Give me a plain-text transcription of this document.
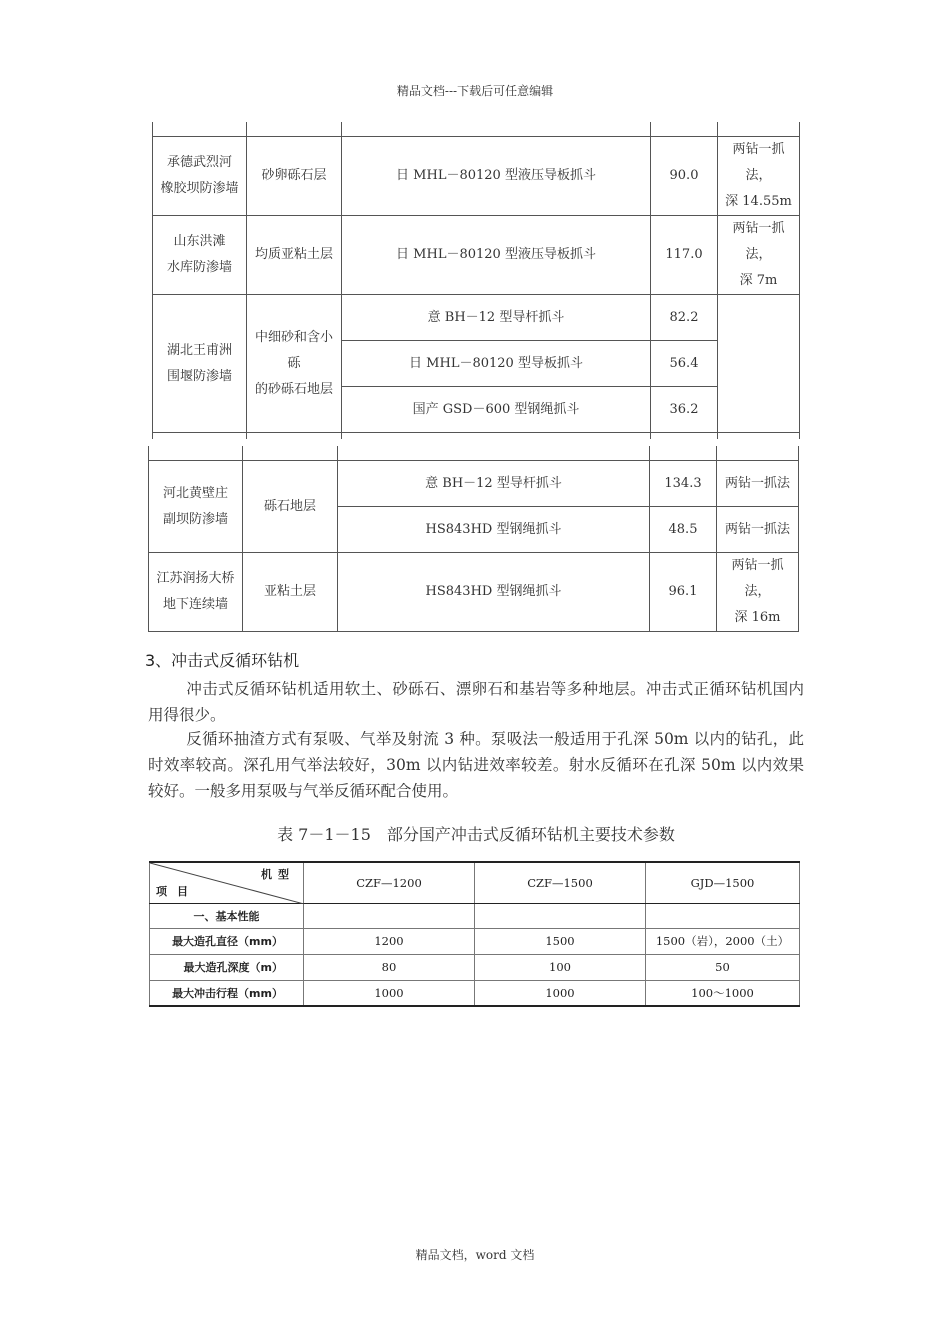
精品文档---下载后可任意编辑

承德武烈河
橡胶坝防渗墙	砂卵砾石层	日 MHL－80120 型液压导板抓斗	90.0	两钻一抓法，
深 14.55m
山东洪滩
水库防渗墙	均质亚粘土层	日 MHL－80120 型液压导板抓斗	117.0	两钻一抓法，
深 7m
湖北王甫洲
围堰防渗墙	中细砂和含小砾
的砂砾石地层	意 BH－12 型导杆抓斗	82.2	
		日 MHL－80120 型导板抓斗	56.4	
		国产 GSD－600 型钢绳抓斗	36.2	

河北黄壁庄
副坝防渗墙	砾石地层	意 BH－12 型导杆抓斗	134.3	两钻一抓法
		HS843HD 型钢绳抓斗	48.5	两钻一抓法
江苏润扬大桥
地下连续墙	亚粘土层	HS843HD 型钢绳抓斗	96.1	两钻一抓法，
深 16m
3、冲击式反循环钻机
冲击式反循环钻机适用软土、砂砾石、漂卵石和基岩等多种地层。冲击式正循环钻机国内用得很少。
反循环抽渣方式有泵吸、气举及射流 3 种。泵吸法一般适用于孔深 50m 以内的钻孔，此时效率较高。深孔用气举法较好，30m 以内钻进效率较差。射水反循环在孔深 50m 以内效果较好。一般多用泵吸与气举反循环配合使用。
表 7－1－15　部分国产冲击式反循环钻机主要技术参数
机型
项目	CZF—1200	CZF—1500	GJD—1500
一、基本性能			
最大造孔直径（mm）	1200	1500	1500（岩），2000（土）
最大造孔深度（m）	80	100	50
最大冲击行程（mm）	1000	1000	100～1000
精品文档，word 文档
